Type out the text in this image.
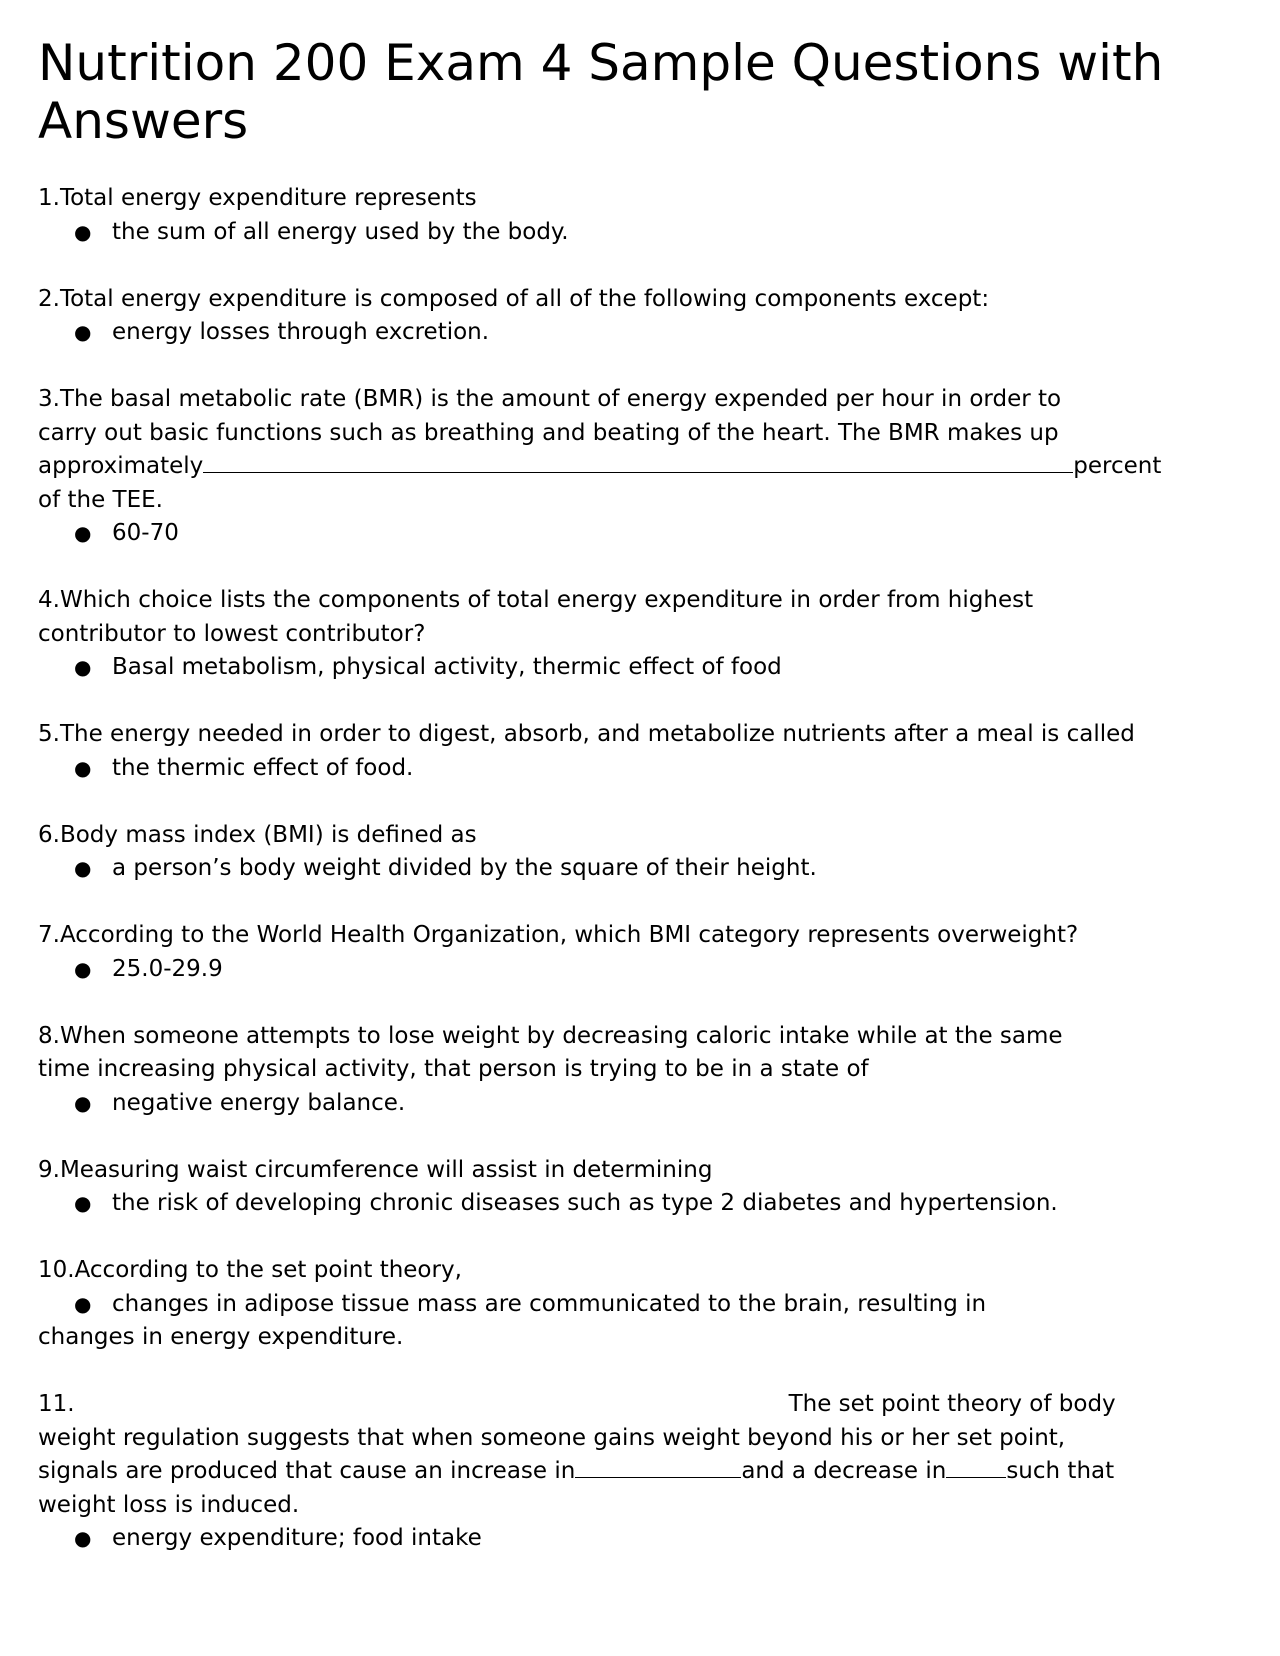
Nutrition 200 Exam 4 Sample Questions with Answers

1.Total energy expenditure represents

● the sum of all energy used by the body.

2.Total energy expenditure is composed of all of the following components except:

● energy losses through excretion.

3.The basal metabolic rate (BMR) is the amount of energy expended per hour in order to

carry out basic functions such as breathing and beating of the heart. The BMR makes up

approximately	percent

of the TEE.

● 60-70

4.Which choice lists the components of total energy expenditure in order from highest

contributor to lowest contributor?

● Basal metabolism, physical activity, thermic effect of food

5.The energy needed in order to digest, absorb, and metabolize nutrients after a meal is called

● the thermic effect of food.

6.Body mass index (BMI) is defined as

● a person’s body weight divided by the square of their height.

7.According to the World Health Organization, which BMI category represents overweight?

● 25.0-29.9

8.When someone attempts to lose weight by decreasing caloric intake while at the same

time increasing physical activity, that person is trying to be in a state of

● negative energy balance.

9.Measuring waist circumference will assist in determining

● the risk of developing chronic diseases such as type 2 diabetes and hypertension.

10.According to the set point theory,

● changes in adipose tissue mass are communicated to the brain, resulting in

changes in energy expenditure.

11.	The set point theory of body

weight regulation suggests that when someone gains weight beyond his or her set point,

signals are produced that cause an increase in	and a decrease in	such that

weight loss is induced.

● energy expenditure; food intake
